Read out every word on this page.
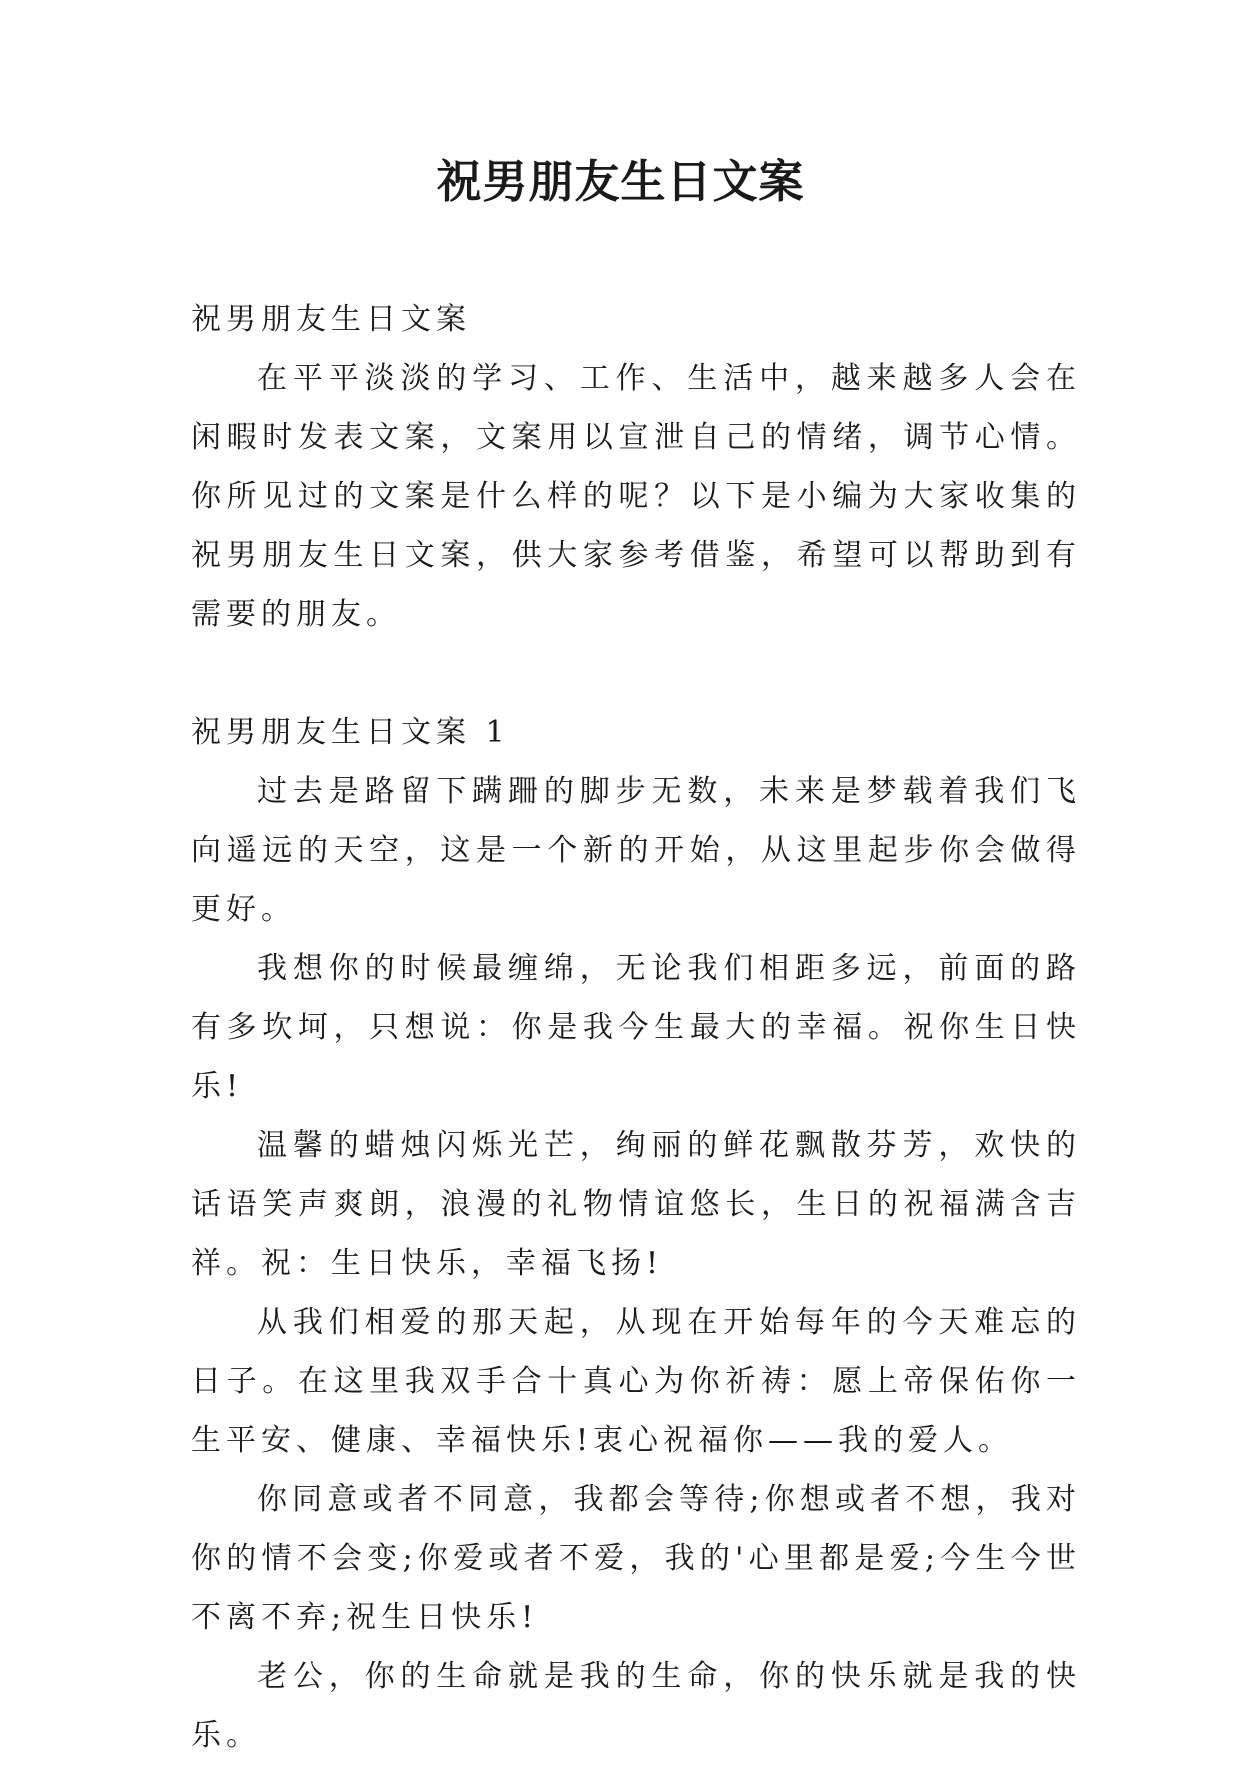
祝男朋友生日文案

祝男朋友生日文案

在平平淡淡的学习、工作、生活中，越来越多人会在闲暇时发表文案，文案用以宣泄自己的情绪，调节心情。你所见过的文案是什么样的呢？以下是小编为大家收集的祝男朋友生日文案，供大家参考借鉴，希望可以帮助到有需要的朋友。

祝男朋友生日文案 1

过去是路留下蹒跚的脚步无数，未来是梦载着我们飞向遥远的天空，这是一个新的开始，从这里起步你会做得更好。

我想你的时候最缠绵，无论我们相距多远，前面的路有多坎坷，只想说：你是我今生最大的幸福。祝你生日快乐!

温馨的蜡烛闪烁光芒，绚丽的鲜花飘散芬芳，欢快的话语笑声爽朗，浪漫的礼物情谊悠长，生日的祝福满含吉祥。祝：生日快乐，幸福飞扬!

从我们相爱的那天起，从现在开始每年的今天难忘的日子。在这里我双手合十真心为你祈祷：愿上帝保佑你一生平安、健康、幸福快乐!衷心祝福你——我的爱人。

你同意或者不同意，我都会等待;你想或者不想，我对你的情不会变;你爱或者不爱，我的'心里都是爱;今生今世不离不弃;祝生日快乐!

老公，你的生命就是我的生命，你的快乐就是我的快乐。
